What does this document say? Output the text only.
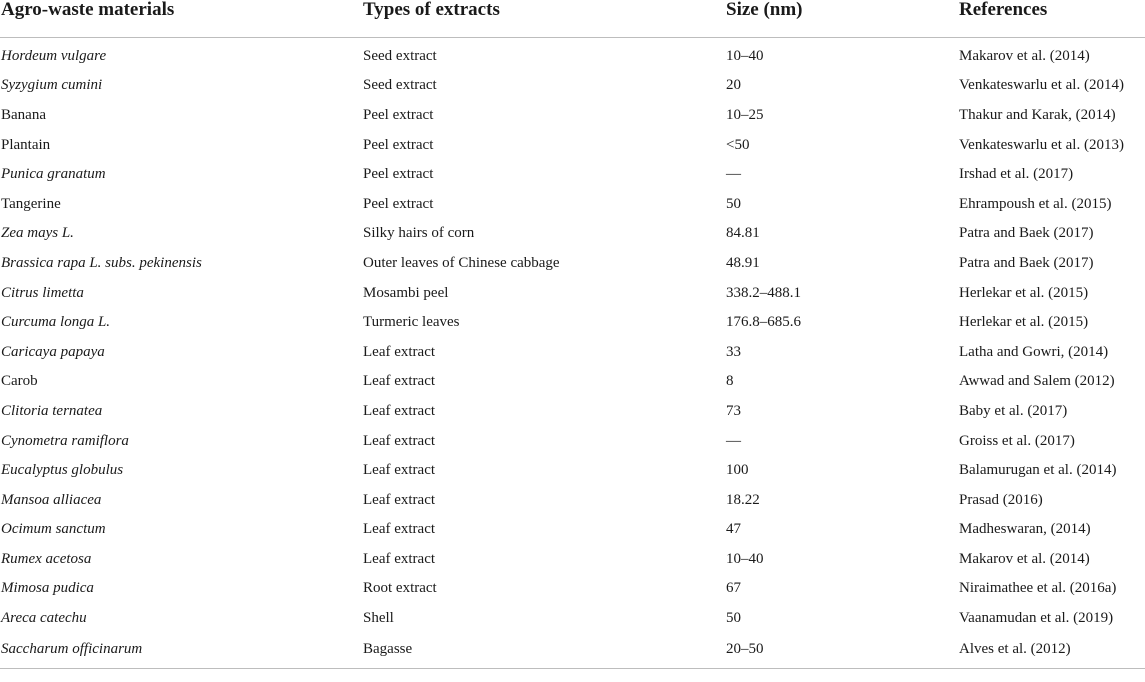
Agro-waste materials	Types of extracts	Size (nm)	References
Hordeum vulgare	Seed extract	10–40	Makarov et al. (2014)
Syzygium cumini	Seed extract	20	Venkateswarlu et al. (2014)
Banana	Peel extract	10–25	Thakur and Karak, (2014)
Plantain	Peel extract	<50	Venkateswarlu et al. (2013)
Punica granatum	Peel extract	—	Irshad et al. (2017)
Tangerine	Peel extract	50	Ehrampoush et al. (2015)
Zea mays L.	Silky hairs of corn	84.81	Patra and Baek (2017)
Brassica rapa L. subs. pekinensis	Outer leaves of Chinese cabbage	48.91	Patra and Baek (2017)
Citrus limetta	Mosambi peel	338.2–488.1	Herlekar et al. (2015)
Curcuma longa L.	Turmeric leaves	176.8–685.6	Herlekar et al. (2015)
Caricaya papaya	Leaf extract	33	Latha and Gowri, (2014)
Carob	Leaf extract	8	Awwad and Salem (2012)
Clitoria ternatea	Leaf extract	73	Baby et al. (2017)
Cynometra ramiflora	Leaf extract	—	Groiss et al. (2017)
Eucalyptus globulus	Leaf extract	100	Balamurugan et al. (2014)
Mansoa alliacea	Leaf extract	18.22	Prasad (2016)
Ocimum sanctum	Leaf extract	47	Madheswaran, (2014)
Rumex acetosa	Leaf extract	10–40	Makarov et al. (2014)
Mimosa pudica	Root extract	67	Niraimathee et al. (2016a)
Areca catechu	Shell	50	Vaanamudan et al. (2019)
Saccharum officinarum	Bagasse	20–50	Alves et al. (2012)
